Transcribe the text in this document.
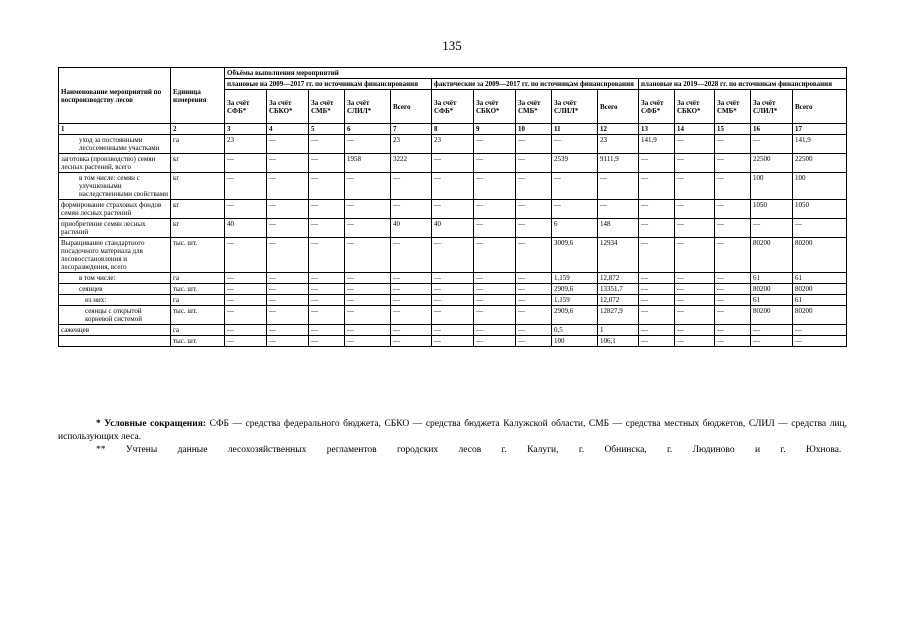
135
Наименование мероприятий по воспроизводству лесов	Единица измерения	Объёмы выполнения мероприятий														
		плановые на 2009—2017 гг. по источникам финансирования					фактические за 2009—2017 гг. по источникам финансирования					плановые на 2019—2028 гг. по источникам финансирования				
		За счёт СФБ*	За счёт СБКО*	За счёт СМБ*	За счёт СЛИЛ*	Всего	За счёт СФБ*	За счёт СБКО*	За счёт СМБ*	За счёт СЛИЛ*	Всего	За счёт СФБ*	За счёт СБКО*	За счёт СМБ*	За счёт СЛИЛ*	Всего
1	2	3	4	5	6	7	8	9	10	11	12	13	14	15	16	17
уход за постоянными лесосеменными участками	га	23	—	—	—	23	23	—	—	—	23	141,9	—	—	—	141,9
заготовка (производство) семян лесных растений, всего	кг	—	—	—	1958	3222	—	—	—	2539	9111,9	—	—	—	22500	22500
в том числе: семян с улучшенными наследственными свойствами	кг	—	—	—	—	—	—	—	—	—	—	—	—	—	100	100
формирование страховых фондов семян лесных растений	кг	—	—	—	—	—	—	—	—	—	—	—	—	—	1050	1050
приобретение семян лесных растений	кг	40	—	—	—	40	40	—	—	6	148	—	—	—	—	—
Выращивание стандартного посадочного материала для лесовосстановления и лесоразведения, всего	тыс. шт.	—	—	—	—	—	—	—	—	3009,6	12934	—	—	—	80200	80200
в том числе:	га	—	—	—	—	—	—	—	—	1,159	12,872	—	—	—	61	61
сеянцев	тыс. шт.	—	—	—	—	—	—	—	—	2909,6	13351,7	—	—	—	80200	80200
из них:	га	—	—	—	—	—	—	—	—	1,159	12,072	—	—	—	61	61
сеянцы с открытой корневой системой	тыс. шт.	—	—	—	—	—	—	—	—	2909,6	12827,9	—	—	—	80200	80200
саженцев	га	—	—	—	—	—	—	—	—	0,5	1	—	—	—	—	—
	тыс. шт.	—	—	—	—	—	—	—	—	100	106,1	—	—	—	—	—
* Условные сокращения: СФБ — средства федерального бюджета, СБКО — средства бюджета Калужской области, СМБ — средства местных бюджетов, СЛИЛ — средства лиц, использующих леса.
** Учтены данные лесохозяйственных регламентов городских лесов г. Калуги, г. Обнинска, г. Людиново и г. Юхнова.
